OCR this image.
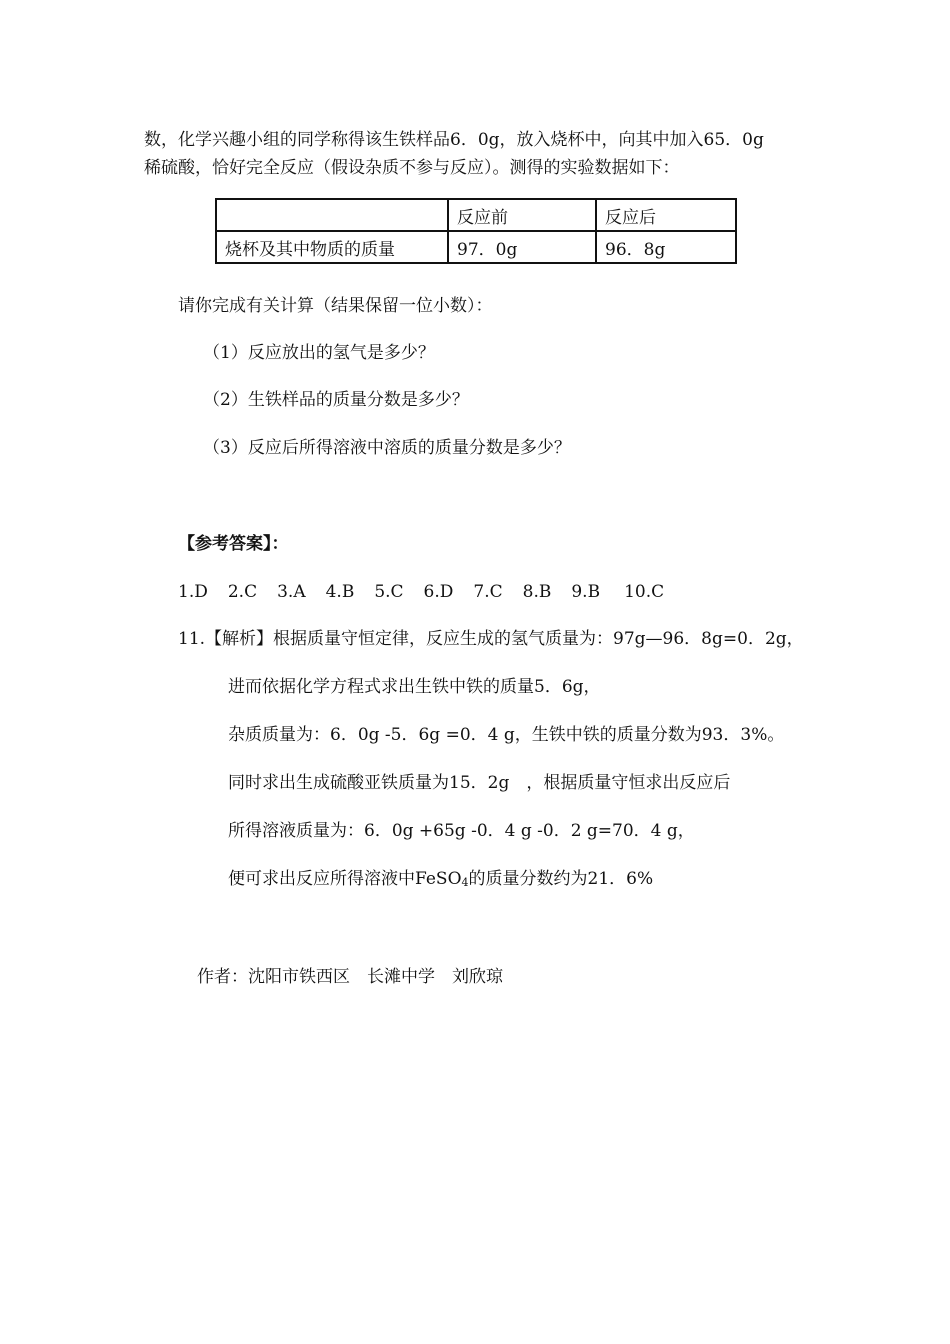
数，化学兴趣小组的同学称得该生铁样品6．0g，放入烧杯中，向其中加入65．0g
稀硫酸，恰好完全反应（假设杂质不参与反应）。测得的实验数据如下：
	反应前	反应后
烧杯及其中物质的质量	97．0g	96．8g
请你完成有关计算（结果保留一位小数）：
（1）反应放出的氢气是多少？
（2）生铁样品的质量分数是多少？
（3）反应后所得溶液中溶质的质量分数是多少？
【参考答案】：
1.D 2.C 3.A 4.B 5.C 6.D 7.C 8.B 9.B 10.C
11.【解析】根据质量守恒定律，反应生成的氢气质量为：97g—96．8g=0．2g，
进而依据化学方程式求出生铁中铁的质量5．6g，
杂质质量为：6．0g -5．6g =0．4 g，生铁中铁的质量分数为93．3%。
同时求出生成硫酸亚铁质量为15．2g　，根据质量守恒求出反应后
所得溶液质量为：6．0g +65g -0．4 g -0．2 g=70．4 g，
便可求出反应所得溶液中FeSO$_4$的质量分数约为21．6%
作者：沈阳市铁西区　长滩中学　刘欣琼
